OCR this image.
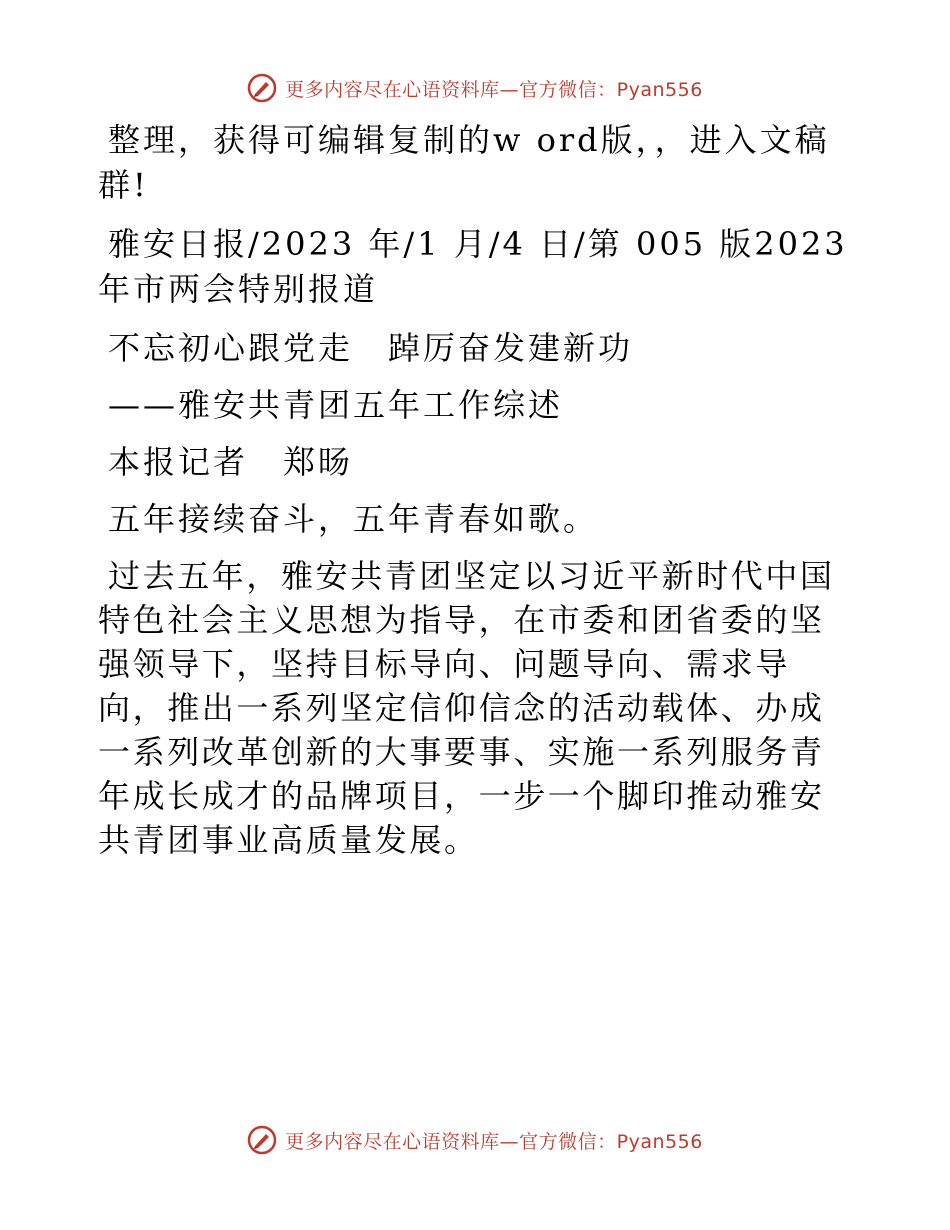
更多内容尽在心语资料库—官方微信：Pyan556

整理，获得可编辑复制的w ord版，，进入文稿群!

雅安日报/2023 年/1 月/4 日/第 005 版2023 年市两会特别报道

不忘初心跟党走　踔厉奋发建新功

——雅安共青团五年工作综述

本报记者　郑旸

五年接续奋斗，五年青春如歌。

过去五年，雅安共青团坚定以习近平新时代中国特色社会主义思想为指导，在市委和团省委的坚强领导下，坚持目标导向、问题导向、需求导向，推出一系列坚定信仰信念的活动载体、办成一系列改革创新的大事要事、实施一系列服务青年成长成才的品牌项目，一步一个脚印推动雅安共青团事业高质量发展。

更多内容尽在心语资料库—官方微信：Pyan556
